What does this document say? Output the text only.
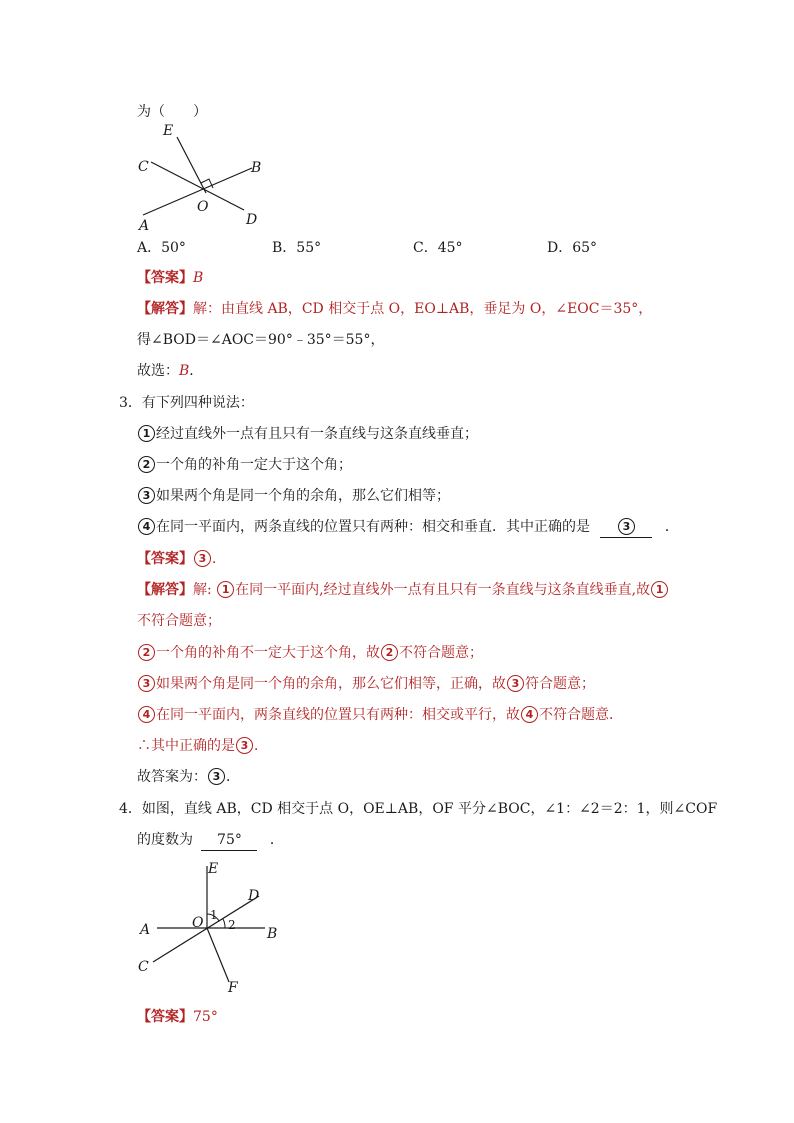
为（　　）
E
C	B
O
A	D
A．50°	B．55°	C．45°	D．65°
【答案】B
【解答】解：由直线 AB，CD 相交于点 O，EO⊥AB，垂足为 O，∠EOC＝35°，
得∠BOD＝∠AOC＝90°﹣35°＝55°，
故选：B．
3．有下列四种说法：
1 经过直线外一点有且只有一条直线与这条直线垂直；
2 一个角的补角一定大于这个角；
3 如果两个角是同一个角的余角，那么它们相等；
4 在同一平面内，两条直线的位置只有两种：相交和垂直．其中正确的是	3 ．
【答案】 3 ．
【解答】解: 1 在同一平面内,经过直线外一点有且只有一条直线与这条直线垂直,故 1
不符合题意；
2 一个角的补角不一定大于这个角，故 2 不符合题意；
3 如果两个角是同一个角的余角，那么它们相等，正确，故 3 符合题意；
4 在同一平面内，两条直线的位置只有两种：相交或平行，故 4 不符合题意．
∴其中正确的是 3 ．
故答案为： 3 ．
4．如图，直线 AB，CD 相交于点 O，OE⊥AB，OF 平分∠BOC，∠1：∠2＝2：1，则∠COF
的度数为 75° ．
E
D
1
O 2
A	B
C
F
【答案】75°
